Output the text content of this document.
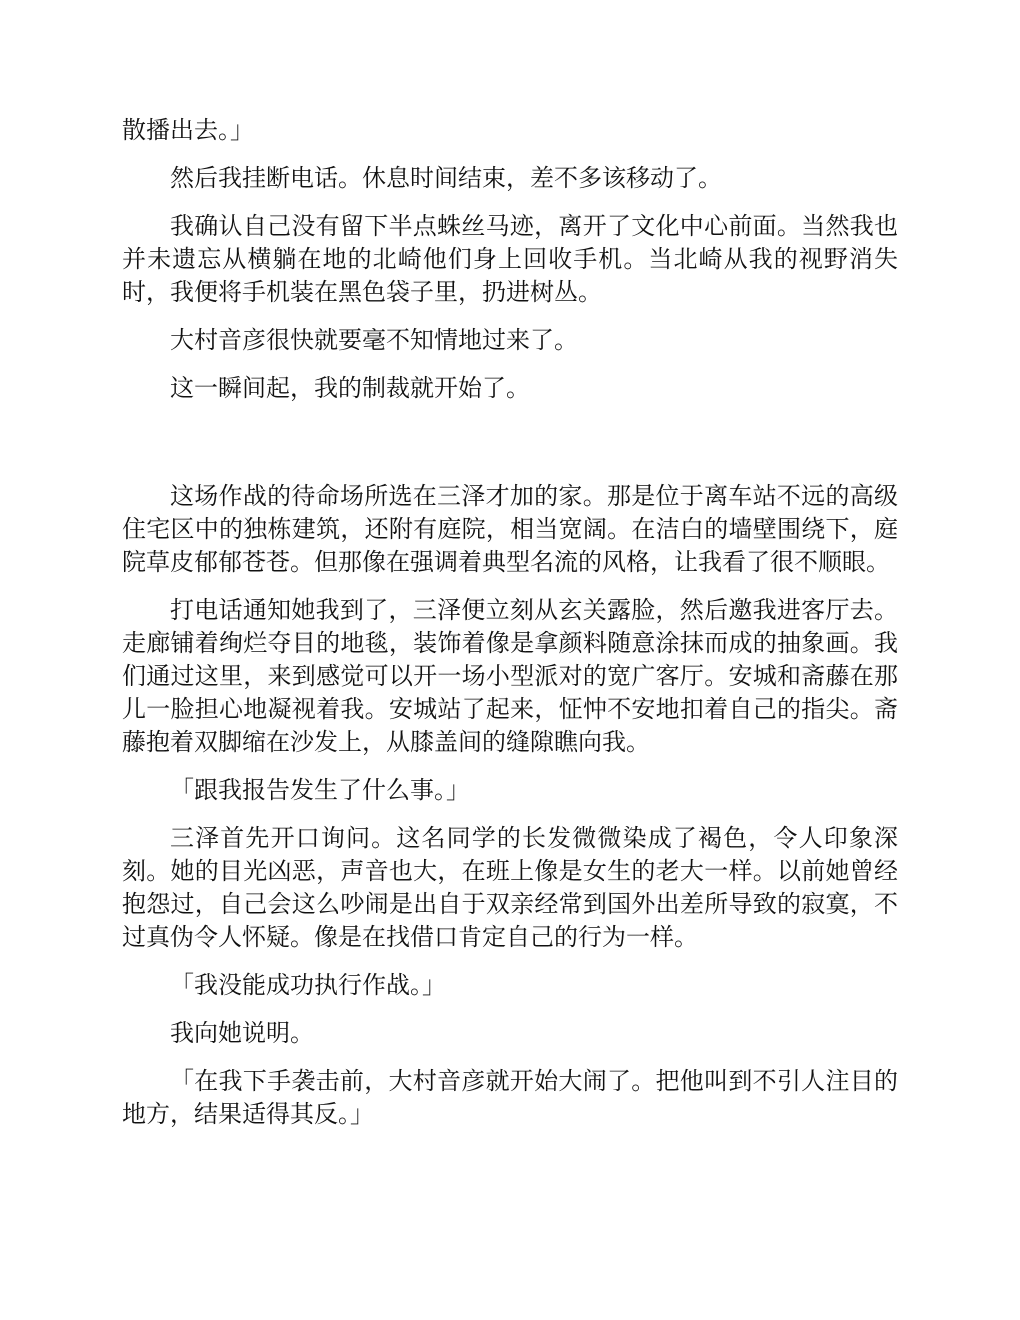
散播出去。」

然后我挂断电话。休息时间结束，差不多该移动了。

我确认自己没有留下半点蛛丝马迹，离开了文化中心前面。当然我也并未遗忘从横躺在地的北崎他们身上回收手机。当北崎从我的视野消失时，我便将手机装在黑色袋子里，扔进树丛。

大村音彦很快就要毫不知情地过来了。

这一瞬间起，我的制裁就开始了。

这场作战的待命场所选在三泽才加的家。那是位于离车站不远的高级住宅区中的独栋建筑，还附有庭院，相当宽阔。在洁白的墙壁围绕下，庭院草皮郁郁苍苍。但那像在强调着典型名流的风格，让我看了很不顺眼。

打电话通知她我到了，三泽便立刻从玄关露脸，然后邀我进客厅去。走廊铺着绚烂夺目的地毯，装饰着像是拿颜料随意涂抹而成的抽象画。我们通过这里，来到感觉可以开一场小型派对的宽广客厅。安城和斋藤在那儿一脸担心地凝视着我。安城站了起来，怔忡不安地扣着自己的指尖。斋藤抱着双脚缩在沙发上，从膝盖间的缝隙瞧向我。

「跟我报告发生了什么事。」

三泽首先开口询问。这名同学的长发微微染成了褐色，令人印象深刻。她的目光凶恶，声音也大，在班上像是女生的老大一样。以前她曾经抱怨过，自己会这么吵闹是出自于双亲经常到国外出差所导致的寂寞，不过真伪令人怀疑。像是在找借口肯定自己的行为一样。

「我没能成功执行作战。」

我向她说明。

「在我下手袭击前，大村音彦就开始大闹了。把他叫到不引人注目的地方，结果适得其反。」
